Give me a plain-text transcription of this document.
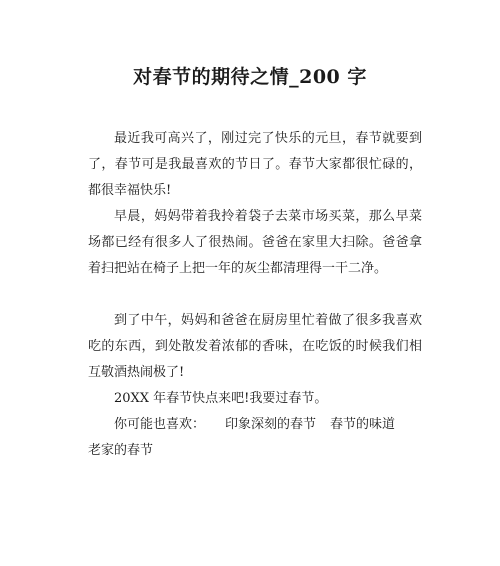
对春节的期待之情_200 字

最近我可高兴了，刚过完了快乐的元旦，春节就要到了，春节可是我最喜欢的节日了。春节大家都很忙碌的，都很幸福快乐!

早晨，妈妈带着我拎着袋子去菜市场买菜，那么早菜场都已经有很多人了很热闹。爸爸在家里大扫除。爸爸拿着扫把站在椅子上把一年的灰尘都清理得一干二净。

到了中午，妈妈和爸爸在厨房里忙着做了很多我喜欢吃的东西，到处散发着浓郁的香味，在吃饭的时候我们相互敬酒热闹极了!

20XX 年春节快点来吧!我要过春节。

你可能也喜欢： 印象深刻的春节 春节的味道

老家的春节
